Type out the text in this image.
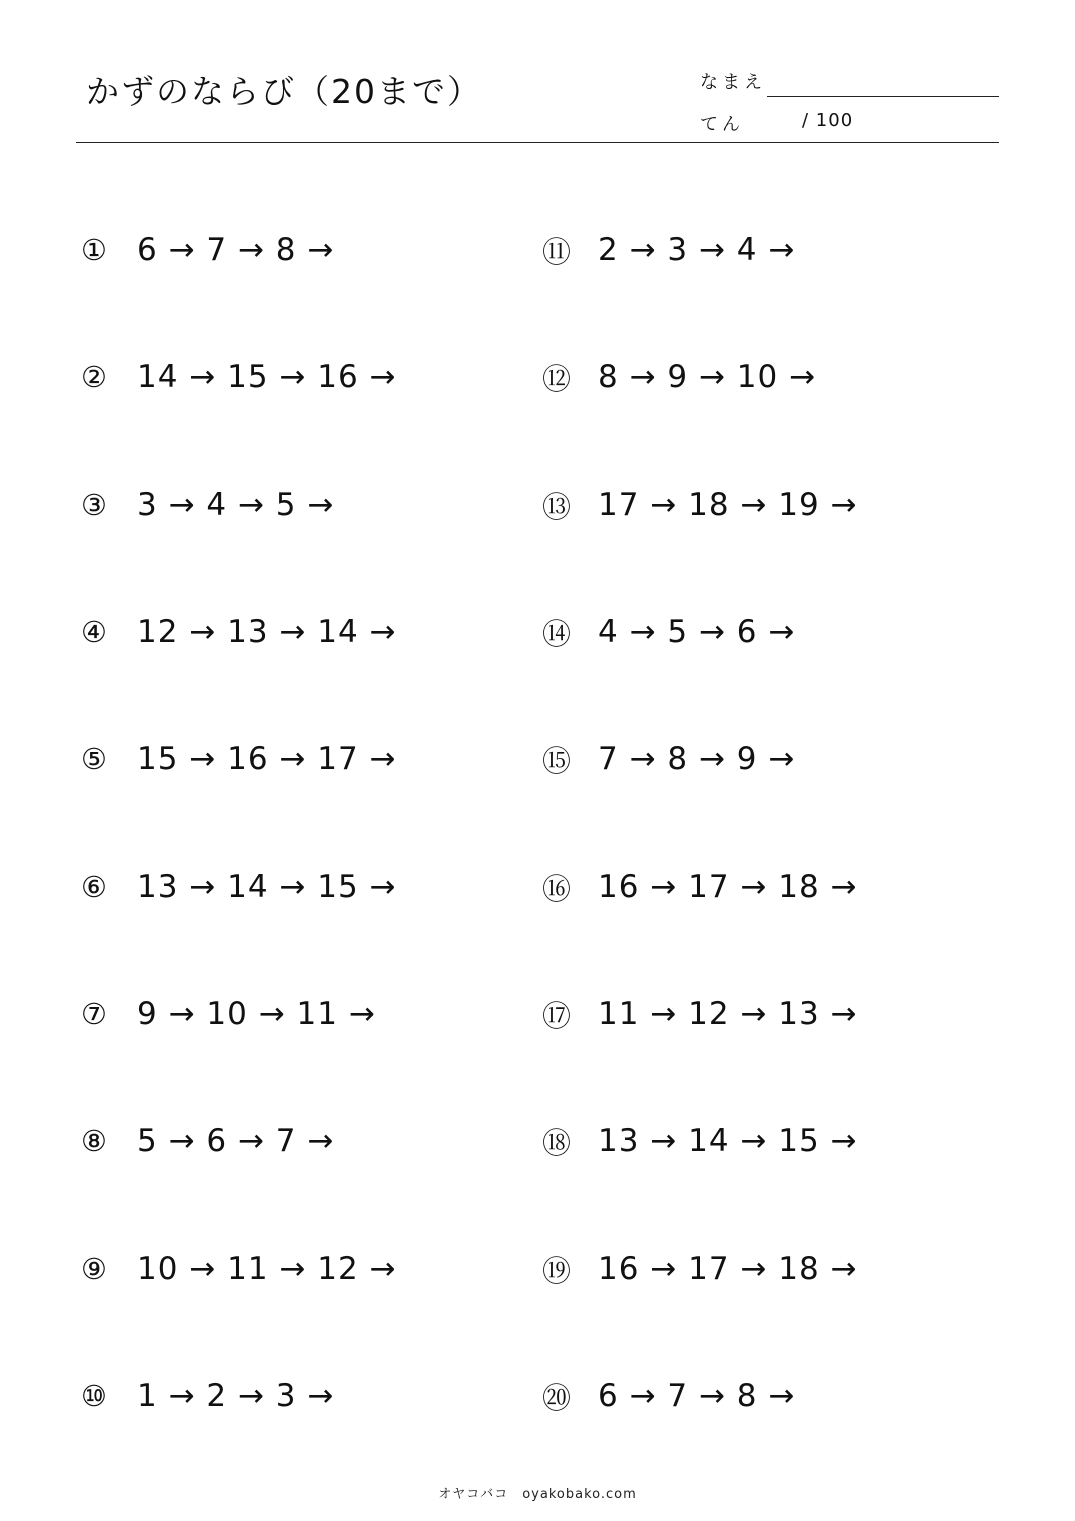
かずのならび（20まで）	なまえ
てん	/ 100
① 6 → 7 → 8 →
② 14 → 15 → 16 →
③ 3 → 4 → 5 →
④ 12 → 13 → 14 →
⑤ 15 → 16 → 17 →
⑥ 13 → 14 → 15 →
⑦ 9 → 10 → 11 →
⑧ 5 → 6 → 7 →
⑨ 10 → 11 → 12 →
⑩ 1 → 2 → 3 →
⑪ 2 → 3 → 4 →
⑫ 8 → 9 → 10 →
⑬ 17 → 18 → 19 →
⑭ 4 → 5 → 6 →
⑮ 7 → 8 → 9 →
⑯ 16 → 17 → 18 →
⑰ 11 → 12 → 13 →
⑱ 13 → 14 → 15 →
⑲ 16 → 17 → 18 →
⑳ 6 → 7 → 8 →
オヤコバコ　oyakobako.com
